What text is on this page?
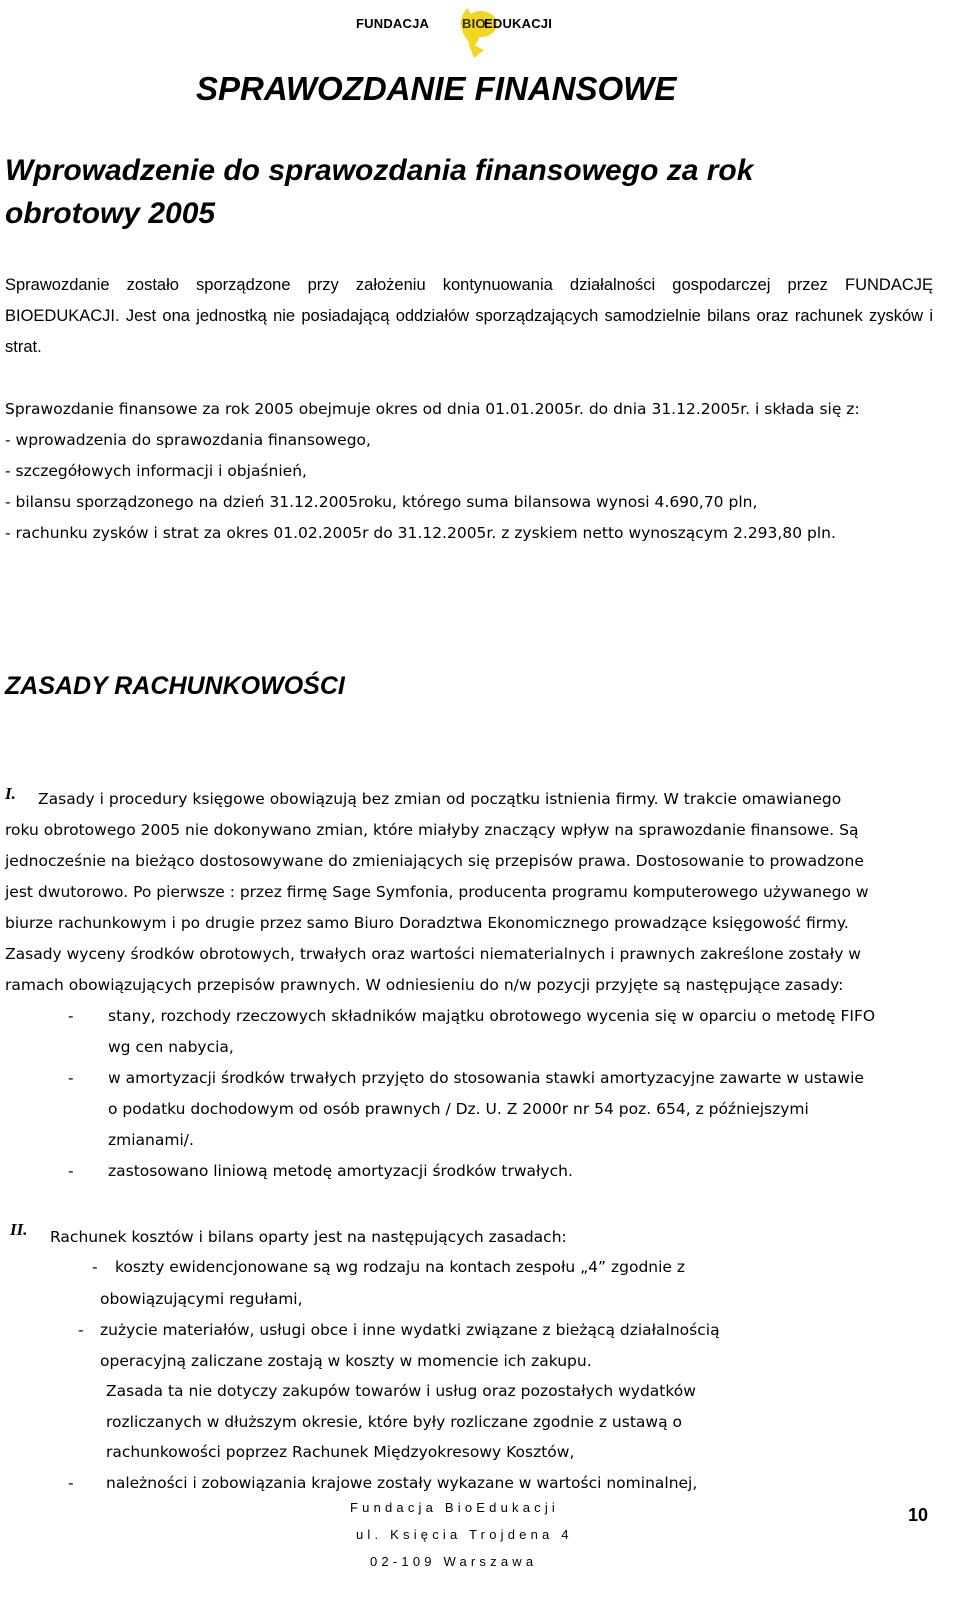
FUNDACJA	BIO
EDUKACJI
SPRAWOZDANIE FINANSOWE
Wprowadzenie do sprawozdania finansowego za rok
obrotowy 2005
Sprawozdanie zostało sporządzone przy założeniu kontynuowania działalności gospodarczej przez FUNDACJĘ BIOEDUKACJI. Jest ona jednostką nie posiadającą oddziałów sporządzających samodzielnie bilans oraz rachunek zysków i strat.
Sprawozdanie finansowe za rok 2005 obejmuje okres od dnia 01.01.2005r. do dnia 31.12.2005r. i składa się z:
- wprowadzenia do sprawozdania finansowego,
- szczegółowych informacji i objaśnień,
- bilansu sporządzonego na dzień 31.12.2005roku, którego suma bilansowa wynosi 4.690,70 pln,
- rachunku zysków i strat za okres 01.02.2005r do 31.12.2005r. z zyskiem netto wynoszącym 2.293,80 pln.
ZASADY RACHUNKOWOŚCI
I. Zasady i procedury księgowe obowiązują bez zmian od początku istnienia firmy. W trakcie omawianego
roku obrotowego 2005 nie dokonywano zmian, które miałyby znaczący wpływ na sprawozdanie finansowe. Są
jednocześnie na bieżąco dostosowywane do zmieniających się przepisów prawa. Dostosowanie to prowadzone
jest dwutorowo. Po pierwsze : przez firmę Sage Symfonia, producenta programu komputerowego używanego w
biurze rachunkowym i po drugie przez samo Biuro Doradztwa Ekonomicznego prowadzące księgowość firmy.
Zasady wyceny środków obrotowych, trwałych oraz wartości niematerialnych i prawnych zakreślone zostały w
ramach obowiązujących przepisów prawnych. W odniesieniu do n/w pozycji przyjęte są następujące zasady:
- stany, rozchody rzeczowych składników majątku obrotowego wycenia się w oparciu o metodę FIFO
wg cen nabycia,
- w amortyzacji środków trwałych przyjęto do stosowania stawki amortyzacyjne zawarte w ustawie
o podatku dochodowym od osób prawnych / Dz. U. Z 2000r nr 54 poz. 654, z późniejszymi
zmianami/.
- zastosowano liniową metodę amortyzacji środków trwałych.
II. Rachunek kosztów i bilans oparty jest na następujących zasadach:
- koszty ewidencjonowane są wg rodzaju na kontach zespołu „4” zgodnie z
obowiązującymi regułami,
- zużycie materiałów, usługi obce i inne wydatki związane z bieżącą działalnością
operacyjną zaliczane zostają w koszty w momencie ich zakupu.
Zasada ta nie dotyczy zakupów towarów i usług oraz pozostałych wydatków
rozliczanych w dłuższym okresie, które były rozliczane zgodnie z ustawą o
rachunkowości poprzez Rachunek Międzyokresowy Kosztów,
- należności i zobowiązania krajowe zostały wykazane w wartości nominalnej,
Fundacja BioEdukacji
ul. Księcia Trojdena 4
02-109 Warszawa
10
